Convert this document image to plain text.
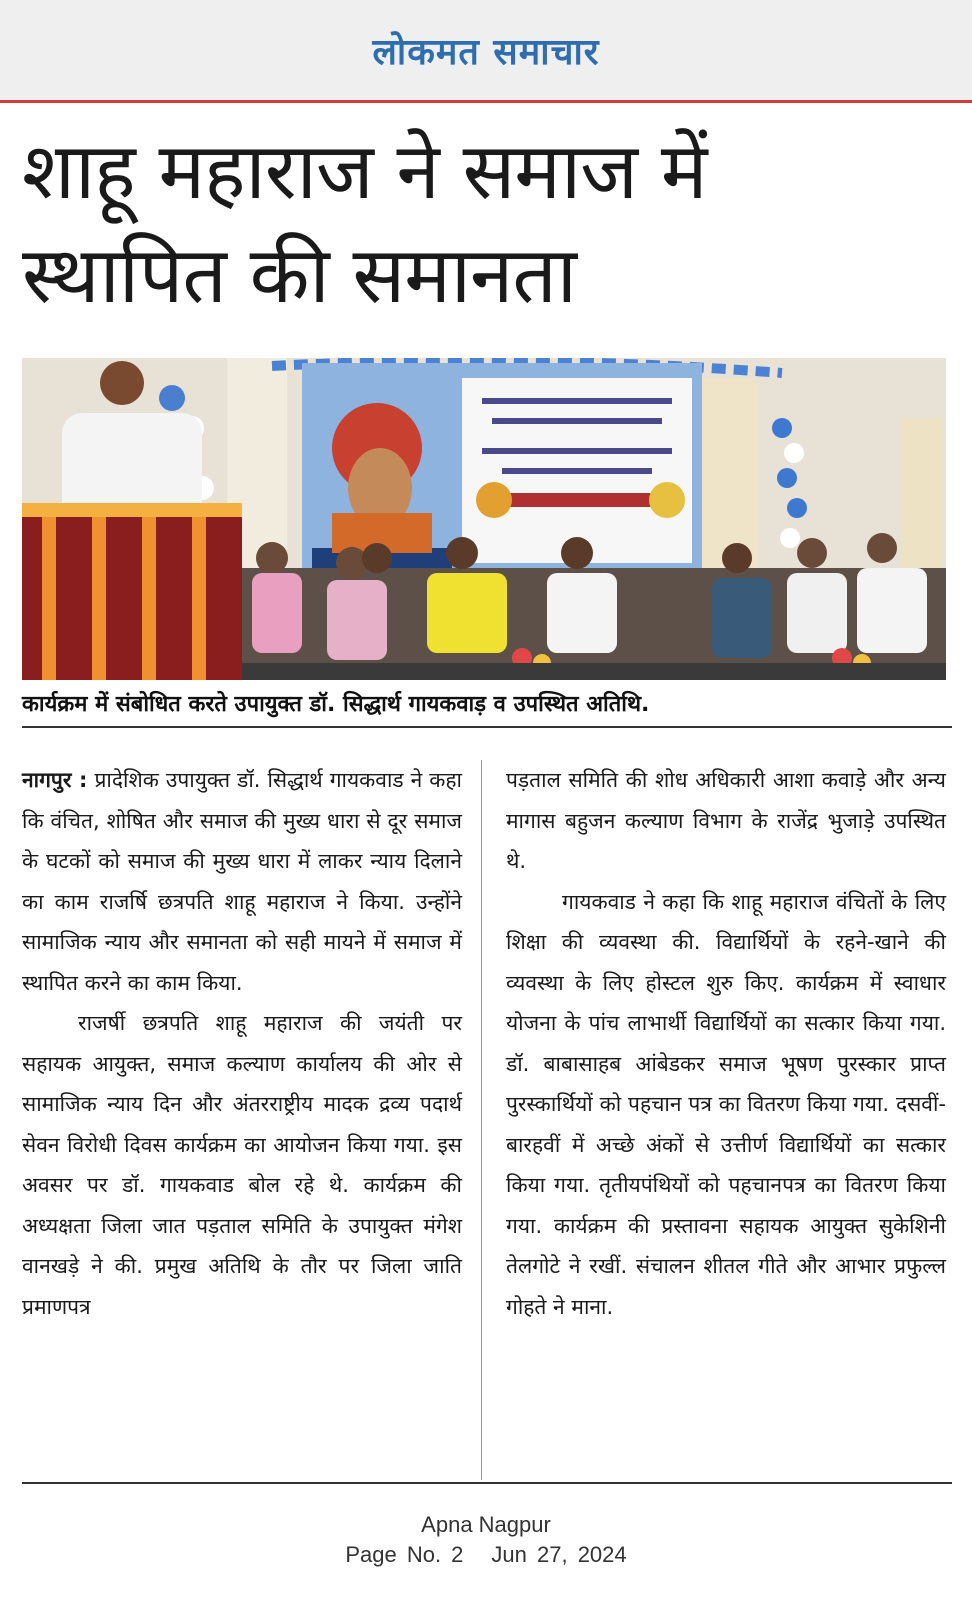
लोकमत समाचार
शाहू महाराज ने समाज में
स्थापित की समानता
कार्यक्रम में संबोधित करते उपायुक्त डॉ. सिद्धार्थ गायकवाड़ व उपस्थित अतिथि.

नागपुर : प्रादेशिक उपायुक्त डॉ. सिद्धार्थ गायकवाड ने कहा कि वंचित, शोषित और समाज की मुख्य धारा से दूर समाज के घटकों को समाज की मुख्य धारा में लाकर न्याय दिलाने का काम राजर्षि छत्रपति शाहू महाराज ने किया. उन्होंने सामाजिक न्याय और समानता को सही मायने में समाज में स्थापित करने का काम किया.

राजर्षी छत्रपति शाहू महाराज की जयंती पर सहायक आयुक्त, समाज कल्याण कार्यालय की ओर से सामाजिक न्याय दिन और अंतरराष्ट्रीय मादक द्रव्य पदार्थ सेवन विरोधी दिवस कार्यक्रम का आयोजन किया गया. इस अवसर पर डॉ. गायकवाड बोल रहे थे. कार्यक्रम की अध्यक्षता जिला जात पड़ताल समिति के उपायुक्त मंगेश वानखड़े ने की. प्रमुख अतिथि के तौर पर जिला जाति प्रमाणपत्र

पड़ताल समिति की शोध अधिकारी आशा कवाड़े और अन्य मागास बहुजन कल्याण विभाग के राजेंद्र भुजाड़े उपस्थित थे.

गायकवाड ने कहा कि शाहू महाराज वंचितों के लिए शिक्षा की व्यवस्था की. विद्यार्थियों के रहने-खाने की व्यवस्था के लिए होस्टल शुरु किए. कार्यक्रम में स्वाधार योजना के पांच लाभार्थी विद्यार्थियों का सत्कार किया गया. डॉ. बाबासाहब आंबेडकर समाज भूषण पुरस्कार प्राप्त पुरस्कार्थियों को पहचान पत्र का वितरण किया गया. दसवीं-बारहवीं में अच्छे अंकों से उत्तीर्ण विद्यार्थियों का सत्कार किया गया. तृतीयपंथियों को पहचानपत्र का वितरण किया गया. कार्यक्रम की प्रस्तावना सहायक आयुक्त सुकेशिनी तेलगोटे ने रखीं. संचालन शीतल गीते और आभार प्रफुल्ल गोहते ने माना.

Apna Nagpur
Page No. 2 Jun 27, 2024
